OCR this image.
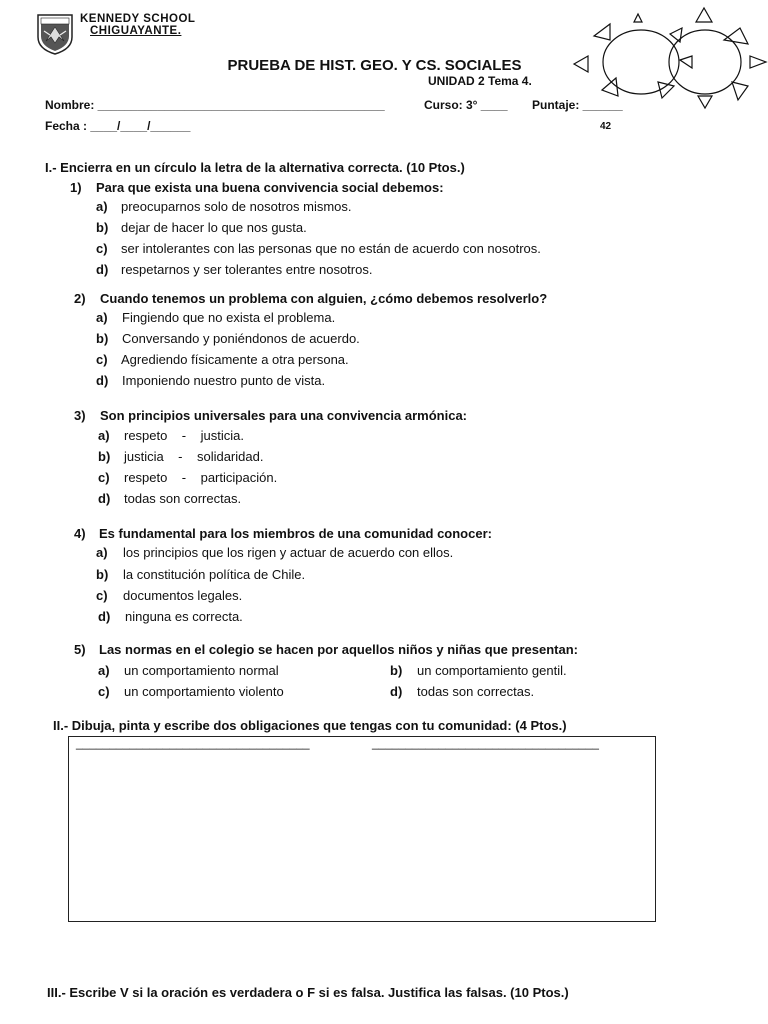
KENNEDY SCHOOL
CHIGUAYANTE.
PRUEBA DE HIST. GEO. Y CS. SOCIALES
UNIDAD 2 Tema 4.
Nombre: ___________________________________________	Curso: 3° ____ Puntaje: ______
Fecha : ____/____/______	42
I.- Encierra en un círculo la letra de la alternativa correcta. (10 Ptos.)
1) Para que exista una buena convivencia social debemos:
a) preocuparnos solo de nosotros mismos.
b) dejar de hacer lo que nos gusta.
c) ser intolerantes con las personas que no están de acuerdo con nosotros.
d) respetarnos y ser tolerantes entre nosotros.
2) Cuando tenemos un problema con alguien, ¿cómo debemos resolverlo?
a) Fingiendo que no exista el problema.
b) Conversando y poniéndonos de acuerdo.
c) Agrediendo físicamente a otra persona.
d) Imponiendo nuestro punto de vista.
3) Son principios universales para una convivencia armónica:
a) respeto    -    justicia.
b) justicia    -    solidaridad.
c) respeto    -    participación.
d) todas son correctas.
4) Es fundamental para los miembros de una comunidad conocer:
a) los principios que los rigen y actuar de acuerdo con ellos.
b) la constitución política de Chile.
c) documentos legales.
d) ninguna es correcta.
5) Las normas en el colegio se hacen por aquellos niños y niñas que presentan:
a) un comportamiento normal	b) un comportamiento gentil.
c) un comportamiento violento	d) todas son correctas.
II.- Dibuja, pinta y escribe dos obligaciones que tengas con tu comunidad: (4 Ptos.)
___________________________________	__________________________________
III.- Escribe V si la oración es verdadera o F si es falsa. Justifica las falsas. (10 Ptos.)
